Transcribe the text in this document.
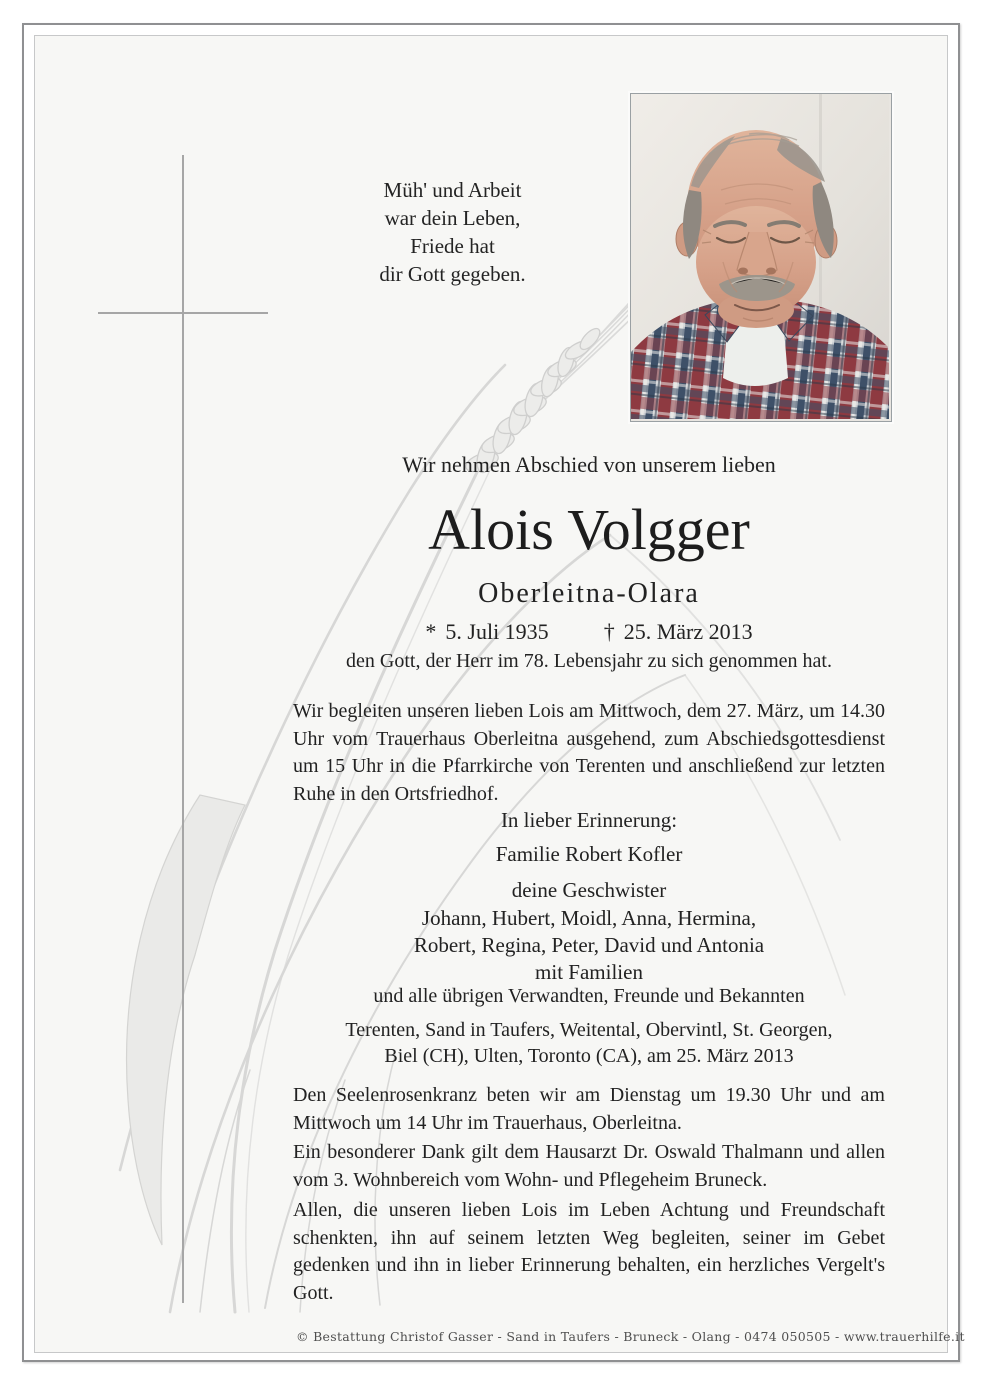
Müh' und Arbeit
war dein Leben,
Friede hat
dir Gott gegeben.
Wir nehmen Abschied von unserem lieben
Alois Volgger
Oberleitna-Olara
* 5. Juli 1935	† 25. März 2013
den Gott, der Herr im 78. Lebensjahr zu sich genommen hat.
Wir begleiten unseren lieben Lois am Mittwoch, dem 27. März, um 14.30 Uhr vom Trauerhaus Oberleitna ausgehend, zum Abschiedsgottesdienst um 15 Uhr in die Pfarrkirche von Terenten und anschließend zur letzten Ruhe in den Ortsfriedhof.
In lieber Erinnerung:
Familie Robert Kofler
deine Geschwister
Johann, Hubert, Moidl, Anna, Hermina,
Robert, Regina, Peter, David und Antonia
mit Familien
und alle übrigen Verwandten, Freunde und Bekannten
Terenten, Sand in Taufers, Weitental, Obervintl, St. Georgen,
Biel (CH), Ulten, Toronto (CA), am 25. März 2013
Den Seelenrosenkranz beten wir am Dienstag um 19.30 Uhr und am Mittwoch um 14 Uhr im Trauerhaus, Oberleitna.
Ein besonderer Dank gilt dem Hausarzt Dr. Oswald Thalmann und allen vom 3. Wohnbereich vom Wohn- und Pflegeheim Bruneck.
Allen, die unseren lieben Lois im Leben Achtung und Freundschaft schenkten, ihn auf seinem letzten Weg begleiten, seiner im Gebet gedenken und ihn in lieber Erinnerung behalten, ein herzliches Vergelt's Gott.
© Bestattung Christof Gasser - Sand in Taufers - Bruneck - Olang - 0474 050505 - www.trauerhilfe.it
